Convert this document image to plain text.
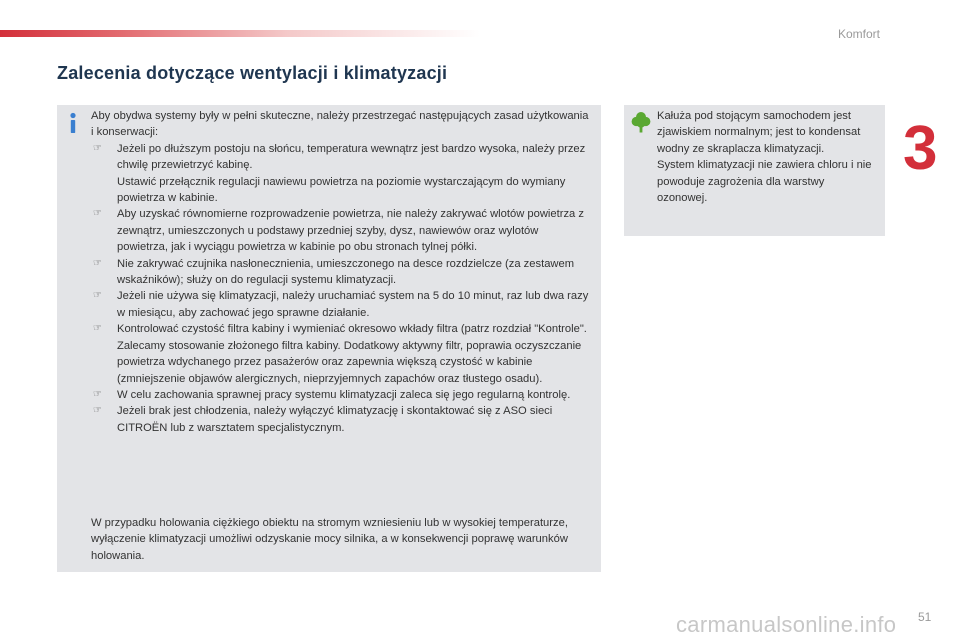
Komfort
3
Zalecenia dotyczące wentylacji i klimatyzacji

Aby obydwa systemy były w pełni skuteczne, należy przestrzegać następujących zasad użytkowania i konserwacji:

☞ Jeżeli po dłuższym postoju na słońcu, temperatura wewnątrz jest bardzo wysoka, należy przez chwilę przewietrzyć kabinę.
Ustawić przełącznik regulacji nawiewu powietrza na poziomie wystarczającym do wymiany powietrza w kabinie.
☞ Aby uzyskać równomierne rozprowadzenie powietrza, nie należy zakrywać wlotów powietrza z zewnątrz, umieszczonych u podstawy przedniej szyby, dysz, nawiewów oraz wylotów powietrza, jak i wyciągu powietrza w kabinie po obu stronach tylnej półki.
☞ Nie zakrywać czujnika nasłonecznienia, umieszczonego na desce rozdzielcze (za zestawem wskaźników); służy on do regulacji systemu klimatyzacji.
☞ Jeżeli nie używa się klimatyzacji, należy uruchamiać system na 5 do 10 minut, raz lub dwa razy w miesiącu, aby zachować jego sprawne działanie.
☞ Kontrolować czystość filtra kabiny i wymieniać okresowo wkłady filtra (patrz rozdział "Kontrole".
Zalecamy stosowanie złożonego filtra kabiny. Dodatkowy aktywny filtr, poprawia oczyszczanie powietrza wdychanego przez pasażerów oraz zapewnia większą czystość w kabinie (zmniejszenie objawów alergicznych, nieprzyjemnych zapachów oraz tłustego osadu).
☞ W celu zachowania sprawnej pracy systemu klimatyzacji zaleca się jego regularną kontrolę.
☞ Jeżeli brak jest chłodzenia, należy wyłączyć klimatyzację i skontaktować się z ASO sieci CITROËN lub z warsztatem specjalistycznym.

W przypadku holowania ciężkiego obiektu na stromym wzniesieniu lub w wysokiej temperaturze, wyłączenie klimatyzacji umożliwi odzyskanie mocy silnika, a w konsekwencji poprawę warunków holowania.

Kałuża pod stojącym samochodem jest zjawiskiem normalnym; jest to kondensat wodny ze skraplacza klimatyzacji.

System klimatyzacji nie zawiera chloru i nie powoduje zagrożenia dla warstwy ozonowej.

carmanualsonline.info 51
